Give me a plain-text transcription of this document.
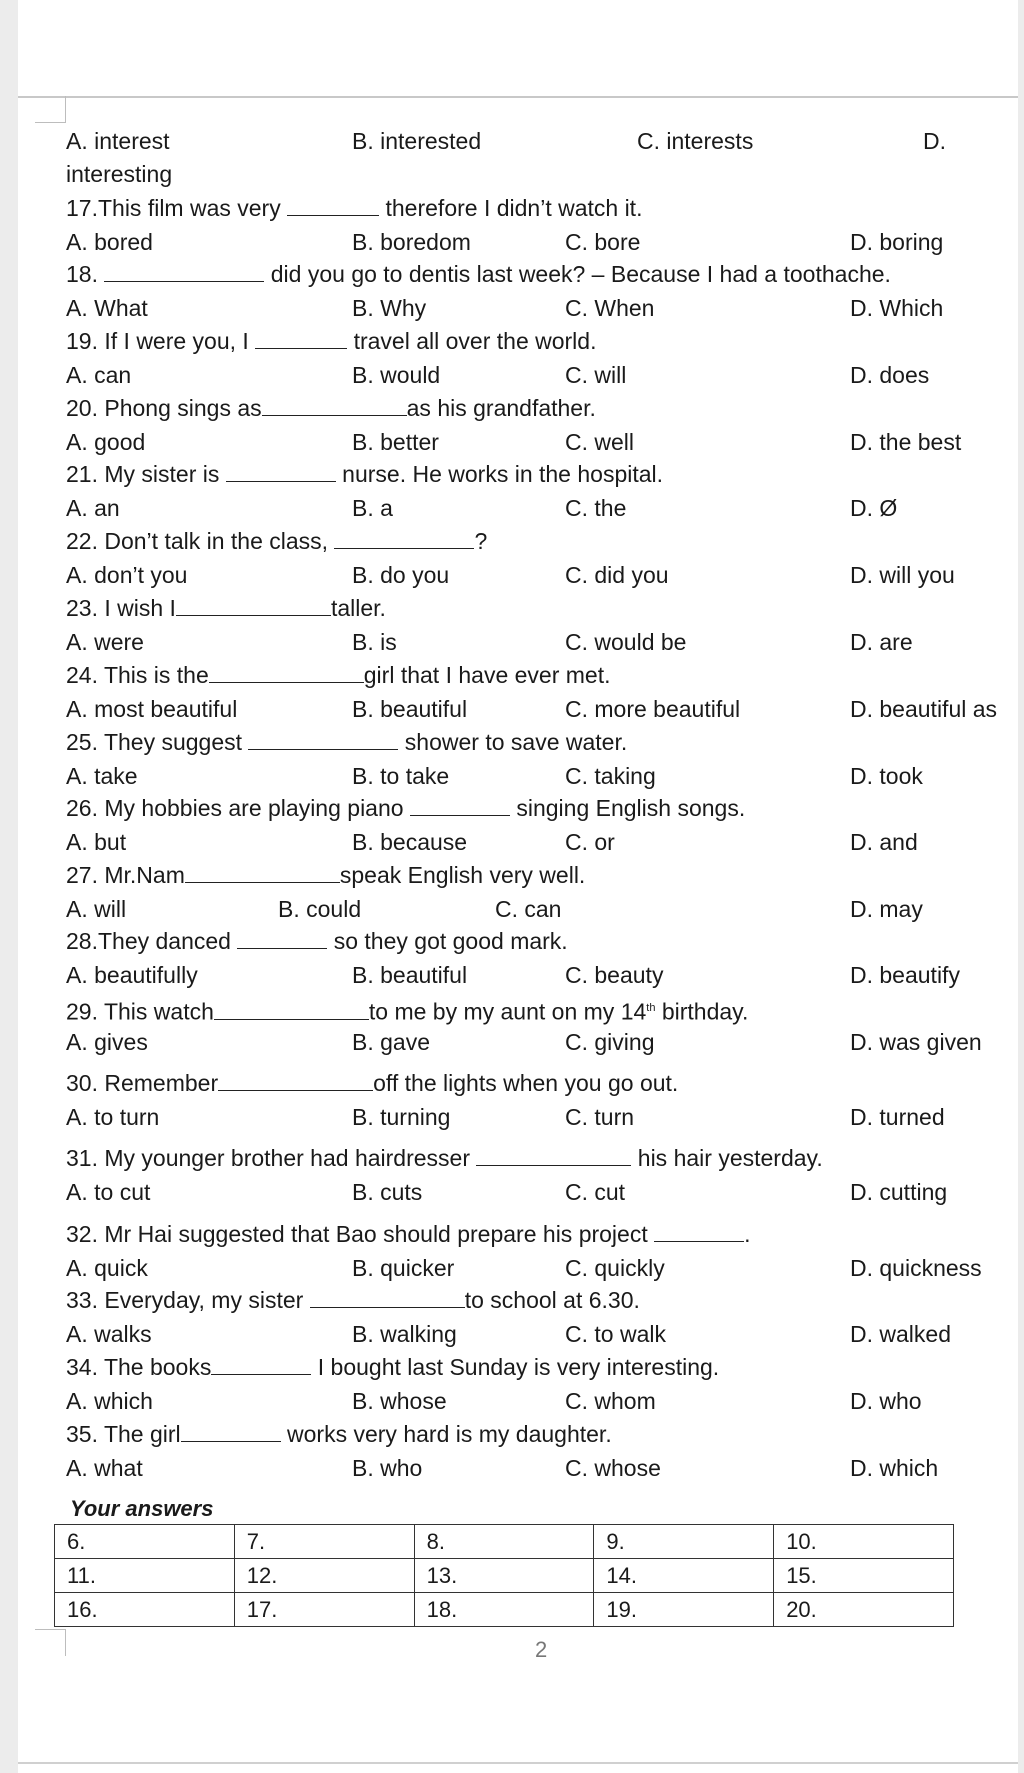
A. interest	B. interested	C. interests	D.
interesting
17.This film was very	therefore I didn’t watch it.
A. bored	B. boredom	C. bore	D. boring
18.	did you go to dentis last week? – Because I had a toothache.
A. What	B. Why	C. When	D. Which
19. If I were you, I	travel all over the world.
A. can	B. would	C. will	D. does
20. Phong sings as	as his grandfather.
A. good	B. better	C. well	D. the best
21. My sister is	nurse. He works in the hospital.
A. an	B. a	C. the	D. Ø
22. Don’t talk in the class,	?
A. don’t you	B. do you	C. did you	D. will you
23. I wish I	taller.
A. were	B. is	C. would be	D. are
24. This is the	girl that I have ever met.
A. most beautiful	B. beautiful	C. more beautiful	D. beautiful as
25. They suggest	shower to save water.
A. take	B. to take	C. taking	D. took
26. My hobbies are playing piano	singing English songs.
A. but	B. because	C. or	D. and
27. Mr.Nam	speak English very well.
A. will	B. could	C. can	D. may
28.They danced	so they got good mark.
A. beautifully	B. beautiful	C. beauty	D. beautify
29. This watch	to me by my aunt on my 14th birthday.
A. gives	B. gave	C. giving	D. was given
30. Remember	off the lights when you go out.
A. to turn	B. turning	C. turn	D. turned
31. My younger brother had hairdresser	his hair yesterday.
A. to cut	B. cuts	C. cut	D. cutting
32. Mr Hai suggested that Bao should prepare his project	.
A. quick	B. quicker	C. quickly	D. quickness
33. Everyday, my sister	to school at 6.30.
A. walks	B. walking	C. to walk	D. walked
34. The books	I bought last Sunday is very interesting.
A. which	B. whose	C. whom	D. who
35. The girl	works very hard is my daughter.
A. what	B. who	C. whose	D. which
Your answers
6.	7.	8.	9.	10.
11.	12.	13.	14.	15.
16.	17.	18.	19.	20.
2
